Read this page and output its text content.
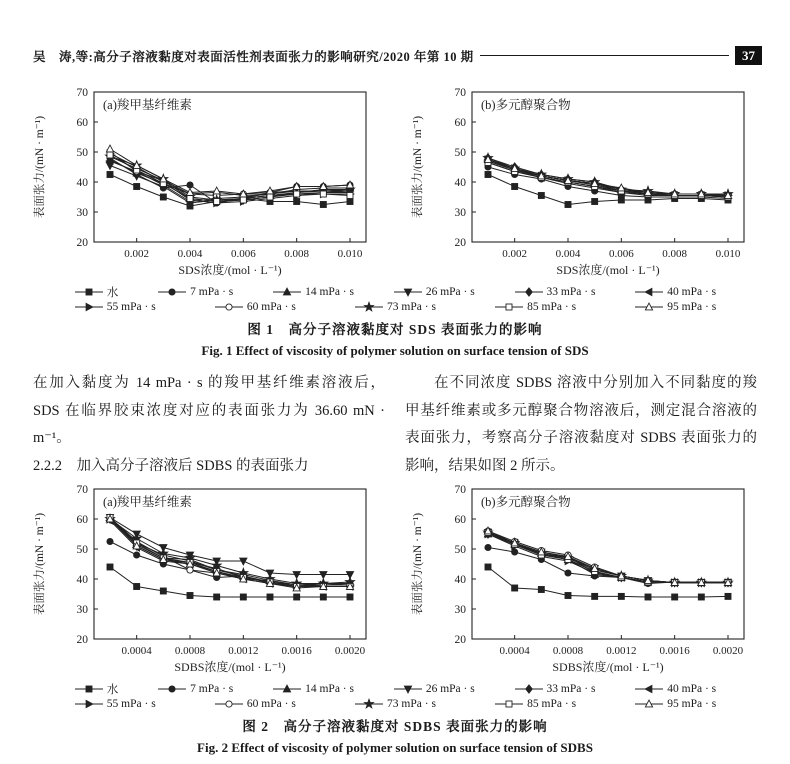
吴　涛,等:高分子溶液黏度对表面活性剂表面张力的影响研究/2020 年第 10 期	37
0.002	0.004	0.006	0.008	0.010
20
30
40
50
60
70
SDS浓度/(mol · L⁻¹)
表面张力/(mN · m⁻¹)
(a)羧甲基纤维素
0.002	0.004	0.006	0.008	0.010
20
30
40
50
60
70
SDS浓度/(mol · L⁻¹)
表面张力/(mN · m⁻¹)
(b)多元醇聚合物
水	7 mPa · s	14 mPa · s	26 mPa · s	33 mPa · s	40 mPa · s
55 mPa · s	60 mPa · s	73 mPa · s	85 mPa · s	95 mPa · s
图 1　高分子溶液黏度对 SDS 表面张力的影响
Fig. 1 Effect of viscosity of polymer solution on surface tension of SDS
在加入黏度为 14 mPa · s 的羧甲基纤维素溶液后，
SDS 在临界胶束浓度对应的表面张力为 36.60 mN ·
m⁻¹。
2.2.2　加入高分子溶液后 SDBS 的表面张力
在不同浓度 SDBS 溶液中分别加入不同黏度的羧
甲基纤维素或多元醇聚合物溶液后，测定混合溶液的
表面张力，考察高分子溶液黏度对 SDBS 表面张力的
影响，结果如图 2 所示。
0.0004 0.0008 0.0012 0.0016 0.0020
20
30
40
50
60
70
SDBS浓度/(mol · L⁻¹)
表面张力/(mN · m⁻¹)
(a)羧甲基纤维素
0.0004 0.0008 0.0012 0.0016 0.0020
20
30
40
50
60
70
SDBS浓度/(mol · L⁻¹)
表面张力/(mN · m⁻¹)
(b)多元醇聚合物
水	7 mPa · s	14 mPa · s	26 mPa · s	33 mPa · s	40 mPa · s
55 mPa · s	60 mPa · s	73 mPa · s	85 mPa · s	95 mPa · s
图 2　高分子溶液黏度对 SDBS 表面张力的影响
Fig. 2 Effect of viscosity of polymer solution on surface tension of SDBS
